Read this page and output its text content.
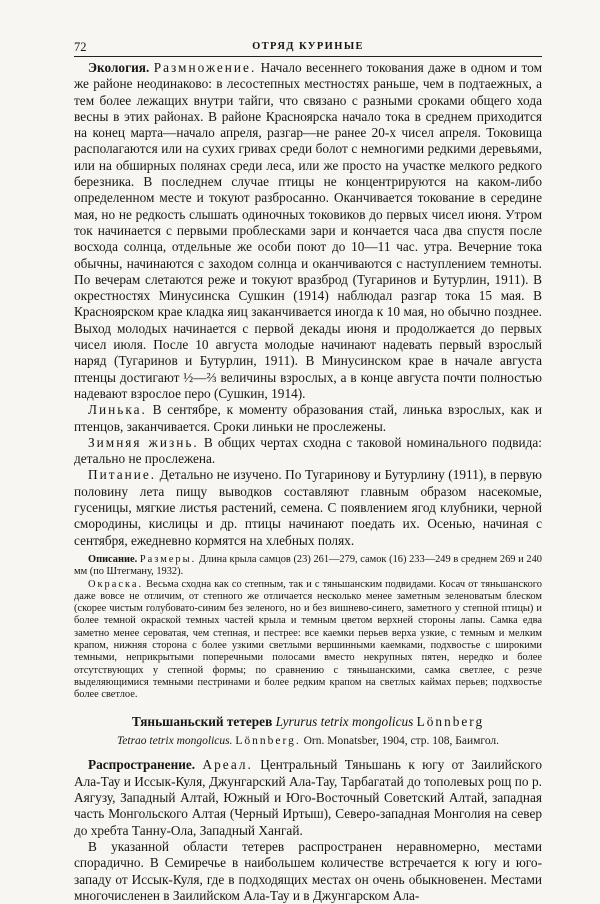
72	ОТРЯД КУРИНЫЕ

Экология. Размножение. Начало весеннего токования даже в одном и том же районе неодинаково: в лесостепных местностях раньше, чем в подтаежных, а тем более лежащих внутри тайги, что связано с разными сроками общего хода весны в этих районах. В районе Красноярска начало тока в среднем приходится на конец марта—начало апреля, разгар—не ранее 20-х чисел апреля. Токовища располагаются или на сухих гривах среди болот с немногими редкими деревьями, или на обширных полянах среди леса, или же просто на участке мелкого редкого березника. В последнем случае птицы не концентрируются на каком-либо определенном месте и токуют разбросанно. Оканчивается токование в середине мая, но не редкость слышать одиночных токовиков до первых чисел июня. Утром ток начинается с первыми проблесками зари и кончается часа два спустя после восхода солнца, отдельные же особи поют до 10—11 час. утра. Вечерние тока обычны, начинаются с заходом солнца и оканчиваются с наступлением темноты. По вечерам слетаются реже и токуют вразброд (Тугаринов и Бутурлин, 1911). В окрестностях Минусинска Сушкин (1914) наблюдал разгар тока 15 мая. В Красноярском крае кладка яиц заканчивается иногда к 10 мая, но обычно позднее. Выход молодых начинается с первой декады июня и продолжается до первых чисел июля. После 10 августа молодые начинают надевать первый взрослый наряд (Тугаринов и Бутурлин, 1911). В Минусинском крае в начале августа птенцы достигают ½—⅔ величины взрослых, а в конце августа почти полностью надевают взрослое перо (Сушкин, 1914).

Линька. В сентябре, к моменту образования стай, линька взрослых, как и птенцов, заканчивается. Сроки линьки не прослежены.

Зимняя жизнь. В общих чертах сходна с таковой номинального подвида: детально не прослежена.

Питание. Детально не изучено. По Тугаринову и Бутурлину (1911), в первую половину лета пищу выводков составляют главным образом насекомые, гусеницы, мягкие листья растений, семена. С появлением ягод клубники, черной смородины, кислицы и др. птицы начинают поедать их. Осенью, начиная с сентября, ежедневно кормятся на хлебных полях.

Описание. Размеры. Длина крыла самцов (23) 261—279, самок (16) 233—249 в среднем 269 и 240 мм (по Штегману, 1932).

Окраска. Весьма сходна как со степным, так и с тяньшанским подвидами. Косач от тяньшанского даже вовсе не отличим, от степного же отличается несколько менее заметным зеленоватым блеском (скорее чистым голубовато-синим без зеленого, но и без вишнево-синего, заметного у степной птицы) и более темной окраской темных частей крыла и темным цветом верхней стороны лапы. Самка едва заметно менее сероватая, чем степная, и пестрее: все каемки перьев верха узкие, с темным и мелким крапом, нижняя сторона с более узкими светлыми вершинными каемками, подхвостье с широкими темными, неприкрытыми поперечными полосами вместо некрупных пятен, нередко и более отсутствующих у степной формы; по сравнению с тяньшанскими, самка светлее, с резче выделяющимися темными пестринами и более редким крапом на светлых каймах перьев; подхвостье более светлое.

Тяньшаньский тетерев Lyrurus tetrix mongolicus Lönnberg
Tetrao tetrix mongolicus. Lönnberg. Orn. Monatsber, 1904, стр. 108, Баимгол.

Распространение. Ареал. Центральный Тяньшань к югу от Заилийского Ала-Тау и Иссык-Куля, Джунгарский Ала-Тау, Тарбагатай до тополевых рощ по р. Аягузу, Западный Алтай, Южный и Юго-Восточный Советский Алтай, западная часть Монгольского Алтая (Черный Иртыш), Северо-западная Монголия на север до хребта Танну-Ола, Западный Хангай.

В указанной области тетерев распространен неравномерно, местами спорадично. В Семиречье в наибольшем количестве встречается к югу и юго-западу от Иссык-Куля, где в подходящих местах он очень обыкновенен. Местами многочисленен в Заилийском Ала-Тау и в Джунгарском Ала-
